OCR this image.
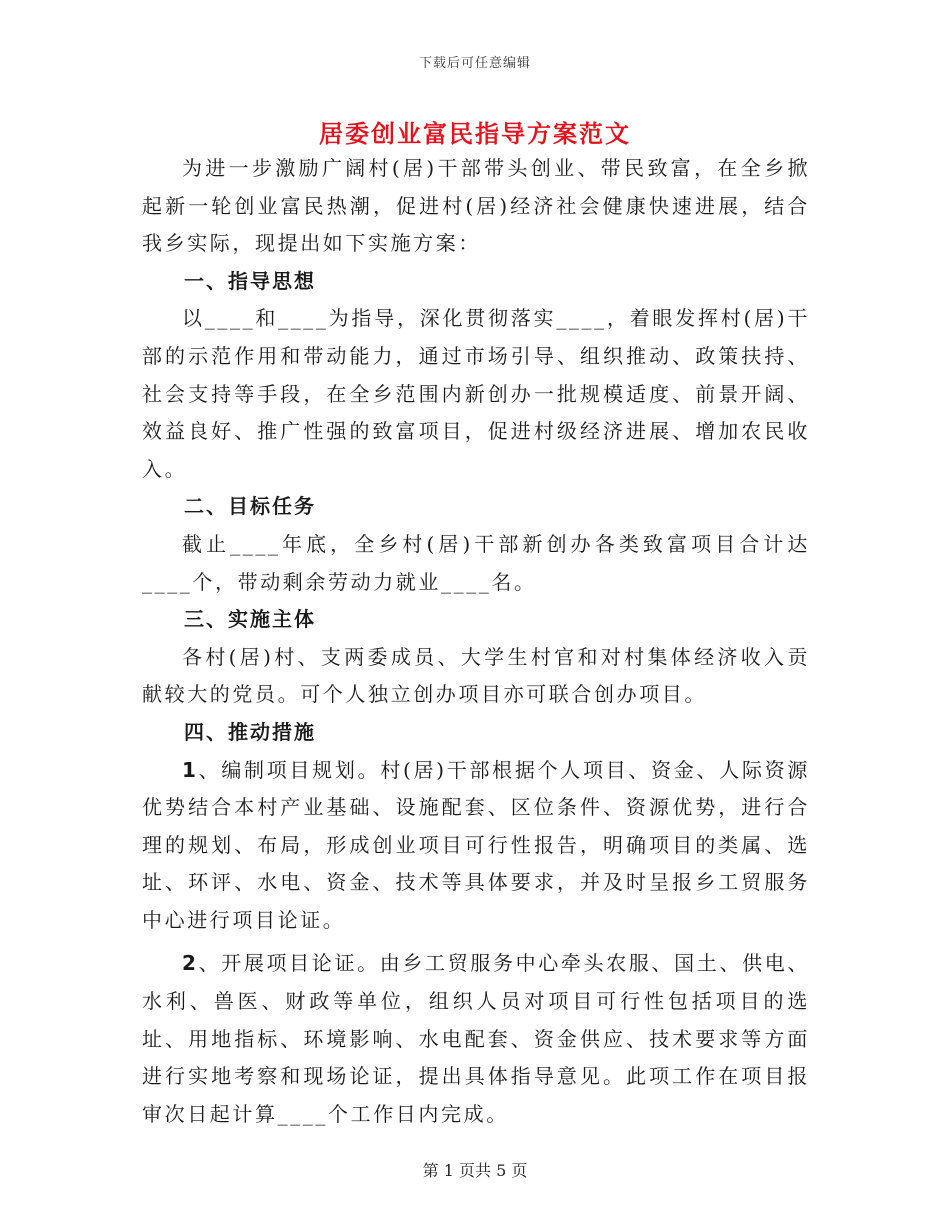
下载后可任意编辑
居委创业富民指导方案范文

为进一步激励广阔村(居)干部带头创业、带民致富，在全乡掀起新一轮创业富民热潮，促进村(居)经济社会健康快速进展，结合我乡实际，现提出如下实施方案：

一、指导思想

以____和____为指导，深化贯彻落实____，着眼发挥村(居)干部的示范作用和带动能力，通过市场引导、组织推动、政策扶持、社会支持等手段，在全乡范围内新创办一批规模适度、前景开阔、效益良好、推广性强的致富项目，促进村级经济进展、增加农民收入。

二、目标任务

截止____年底，全乡村(居)干部新创办各类致富项目合计达____个，带动剩余劳动力就业____名。

三、实施主体

各村(居)村、支两委成员、大学生村官和对村集体经济收入贡献较大的党员。可个人独立创办项目亦可联合创办项目。

四、推动措施

1、编制项目规划。村(居)干部根据个人项目、资金、人际资源优势结合本村产业基础、设施配套、区位条件、资源优势，进行合理的规划、布局，形成创业项目可行性报告，明确项目的类属、选址、环评、水电、资金、技术等具体要求，并及时呈报乡工贸服务中心进行项目论证。

2、开展项目论证。由乡工贸服务中心牵头农服、国土、供电、水利、兽医、财政等单位，组织人员对项目可行性包括项目的选址、用地指标、环境影响、水电配套、资金供应、技术要求等方面进行实地考察和现场论证，提出具体指导意见。此项工作在项目报审次日起计算____个工作日内完成。

第 1 页共 5 页
